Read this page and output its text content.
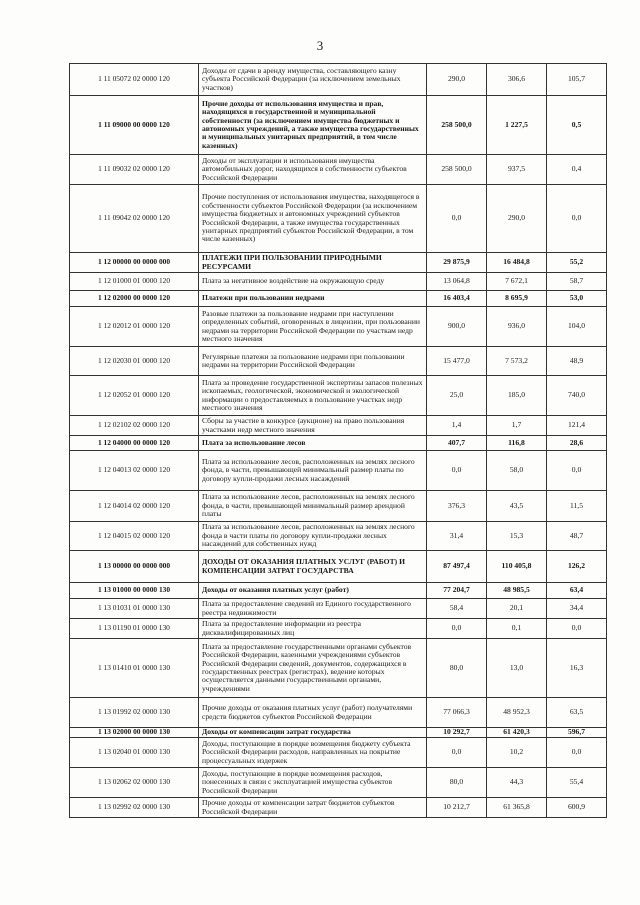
3
1 11 05072 02 0000 120	Доходы от сдачи в аренду имущества, составляющего казну субъекта Российской Федерации (за исключением земельных участков)	290,0	306,6	105,7
1 11 09000 00 0000 120	Прочие доходы от использования имущества и прав, находящихся в государственной и муниципальной собственности (за исключением имущества бюджетных и автономных учреждений, а также имущества государственных и муниципальных унитарных предприятий, в том числе казенных)	258 500,0	1 227,5	0,5
1 11 09032 02 0000 120	Доходы от эксплуатации и использования имущества автомобильных дорог, находящихся в собственности субъектов Российской Федерации	258 500,0	937,5	0,4
1 11 09042 02 0000 120	Прочие поступления от использования имущества, находящегося в собственности субъектов Российской Федерации (за исключением имущества бюджетных и автономных учреждений субъектов Российской Федерации, а также имущества государственных унитарных предприятий субъектов Российской Федерации, в том числе казенных)	0,0	290,0	0,0
1 12 00000 00 0000 000	ПЛАТЕЖИ ПРИ ПОЛЬЗОВАНИИ ПРИРОДНЫМИ РЕСУРСАМИ	29 875,9	16 484,8	55,2
1 12 01000 01 0000 120	Плата за негативное воздействие на окружающую среду	13 064,8	7 672,1	58,7
1 12 02000 00 0000 120	Платежи при пользовании недрами	16 403,4	8 695,9	53,0
1 12 02012 01 0000 120	Разовые платежи за пользование недрами при наступлении определенных событий, оговоренных в лицензии, при пользовании недрами на территории Российской Федерации по участкам недр местного значения	900,0	936,0	104,0
1 12 02030 01 0000 120	Регулярные платежи за пользование недрами при пользовании недрами на территории Российской Федерации	15 477,0	7 573,2	48,9
1 12 02052 01 0000 120	Плата за проведение государственной экспертизы запасов полезных ископаемых, геологической, экономической и экологической информации о предоставляемых в пользование участках недр местного значения	25,0	185,0	740,0
1 12 02102 02 0000 120	Сборы за участие в конкурсе (аукционе) на право пользования участками недр местного значения	1,4	1,7	121,4
1 12 04000 00 0000 120	Плата за использование лесов	407,7	116,8	28,6
1 12 04013 02 0000 120	Плата за использование лесов, расположенных на землях лесного фонда, в части, превышающей минимальный размер платы по договору купли-продажи лесных насаждений	0,0	58,0	0,0
1 12 04014 02 0000 120	Плата за использование лесов, расположенных на землях лесного фонда, в части, превышающей минимальный размер арендной платы	376,3	43,5	11,5
1 12 04015 02 0000 120	Плата за использование лесов, расположенных на землях лесного фонда в части платы по договору купли-продажи лесных насаждений для собственных нужд	31,4	15,3	48,7
1 13 00000 00 0000 000	ДОХОДЫ ОТ ОКАЗАНИЯ ПЛАТНЫХ УСЛУГ (РАБОТ) И КОМПЕНСАЦИИ ЗАТРАТ ГОСУДАРСТВА	87 497,4	110 405,8	126,2
1 13 01000 00 0000 130	Доходы от оказания платных услуг (работ)	77 204,7	48 985,5	63,4
1 13 01031 01 0000 130	Плата за предоставление сведений из Единого государственного реестра недвижимости	58,4	20,1	34,4
1 13 01190 01 0000 130	Плата за предоставление информации из реестра дисквалифицированных лиц	0,0	0,1	0,0
1 13 01410 01 0000 130	Плата за предоставление государственными органами субъектов Российской Федерации, казенными учреждениями субъектов Российской Федерации сведений, документов, содержащихся в государственных реестрах (регистрах), ведение которых осуществляется данными государственными органами, учреждениями	80,0	13,0	16,3
1 13 01992 02 0000 130	Прочие доходы от оказания платных услуг (работ) получателями средств бюджетов субъектов Российской Федерации	77 066,3	48 952,3	63,5
1 13 02000 00 0000 130	Доходы от компенсации затрат государства	10 292,7	61 420,3	596,7
1 13 02040 01 0000 130	Доходы, поступающие в порядке возмещения бюджету субъекта Российской Федерации расходов, направленных на покрытие процессуальных издержек	0,0	10,2	0,0
1 13 02062 02 0000 130	Доходы, поступающие в порядке возмещения расходов, понесенных в связи с эксплуатацией имущества субъектов Российской Федерации	80,0	44,3	55,4
1 13 02992 02 0000 130	Прочие доходы от компенсации затрат бюджетов субъектов Российской Федерации	10 212,7	61 365,8	600,9
